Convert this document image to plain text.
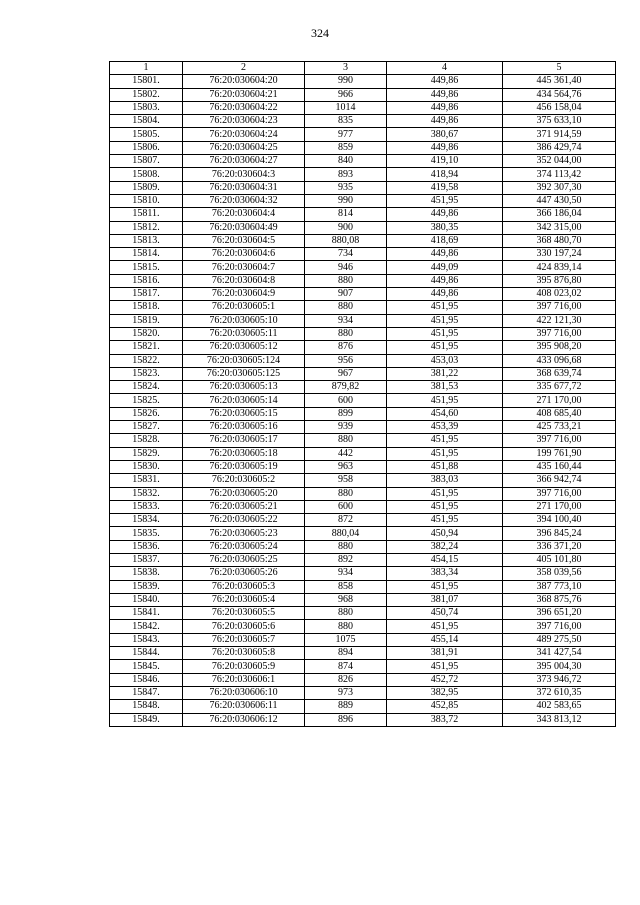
324
1	2	3	4	5
15801.	76:20:030604:20	990	449,86	445 361,40
15802.	76:20:030604:21	966	449,86	434 564,76
15803.	76:20:030604:22	1014	449,86	456 158,04
15804.	76:20:030604:23	835	449,86	375 633,10
15805.	76:20:030604:24	977	380,67	371 914,59
15806.	76:20:030604:25	859	449,86	386 429,74
15807.	76:20:030604:27	840	419,10	352 044,00
15808.	76:20:030604:3	893	418,94	374 113,42
15809.	76:20:030604:31	935	419,58	392 307,30
15810.	76:20:030604:32	990	451,95	447 430,50
15811.	76:20:030604:4	814	449,86	366 186,04
15812.	76:20:030604:49	900	380,35	342 315,00
15813.	76:20:030604:5	880,08	418,69	368 480,70
15814.	76:20:030604:6	734	449,86	330 197,24
15815.	76:20:030604:7	946	449,09	424 839,14
15816.	76:20:030604:8	880	449,86	395 876,80
15817.	76:20:030604:9	907	449,86	408 023,02
15818.	76:20:030605:1	880	451,95	397 716,00
15819.	76:20:030605:10	934	451,95	422 121,30
15820.	76:20:030605:11	880	451,95	397 716,00
15821.	76:20:030605:12	876	451,95	395 908,20
15822.	76:20:030605:124	956	453,03	433 096,68
15823.	76:20:030605:125	967	381,22	368 639,74
15824.	76:20:030605:13	879,82	381,53	335 677,72
15825.	76:20:030605:14	600	451,95	271 170,00
15826.	76:20:030605:15	899	454,60	408 685,40
15827.	76:20:030605:16	939	453,39	425 733,21
15828.	76:20:030605:17	880	451,95	397 716,00
15829.	76:20:030605:18	442	451,95	199 761,90
15830.	76:20:030605:19	963	451,88	435 160,44
15831.	76:20:030605:2	958	383,03	366 942,74
15832.	76:20:030605:20	880	451,95	397 716,00
15833.	76:20:030605:21	600	451,95	271 170,00
15834.	76:20:030605:22	872	451,95	394 100,40
15835.	76:20:030605:23	880,04	450,94	396 845,24
15836.	76:20:030605:24	880	382,24	336 371,20
15837.	76:20:030605:25	892	454,15	405 101,80
15838.	76:20:030605:26	934	383,34	358 039,56
15839.	76:20:030605:3	858	451,95	387 773,10
15840.	76:20:030605:4	968	381,07	368 875,76
15841.	76:20:030605:5	880	450,74	396 651,20
15842.	76:20:030605:6	880	451,95	397 716,00
15843.	76:20:030605:7	1075	455,14	489 275,50
15844.	76:20:030605:8	894	381,91	341 427,54
15845.	76:20:030605:9	874	451,95	395 004,30
15846.	76:20:030606:1	826	452,72	373 946,72
15847.	76:20:030606:10	973	382,95	372 610,35
15848.	76:20:030606:11	889	452,85	402 583,65
15849.	76:20:030606:12	896	383,72	343 813,12
